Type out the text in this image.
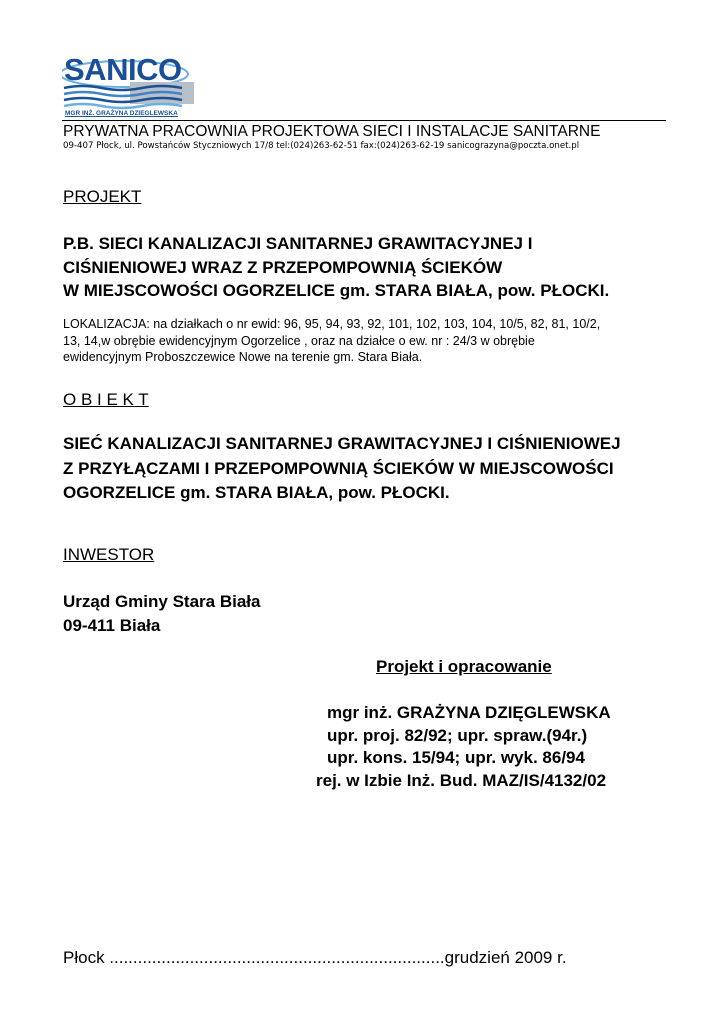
SANICO
MGR INŻ. GRAŻYNA DZIEGLEWSKA
PRYWATNA PRACOWNIA PROJEKTOWA SIECI I INSTALACJE SANITARNE
09-407 Płock, ul. Powstańców Styczniowych 17/8 tel:(024)263-62-51 fax:(024)263-62-19 sanicograzyna@poczta.onet.pl
PROJEKT
P.B. SIECI KANALIZACJI SANITARNEJ GRAWITACYJNEJ I
CIŚNIENIOWEJ WRAZ Z PRZEPOMPOWNIĄ ŚCIEKÓW
W MIEJSCOWOŚCI OGORZELICE gm. STARA BIAŁA, pow. PŁOCKI.
LOKALIZACJA: na działkach o nr ewid: 96, 95, 94, 93, 92, 101, 102, 103, 104, 10/5, 82, 81, 10/2,
13, 14,w obrębie ewidencyjnym Ogorzelice , oraz na działce o ew. nr : 24/3 w obrębie
ewidencyjnym Proboszczewice Nowe na terenie gm. Stara Biała.
O B I E K T
SIEĆ KANALIZACJI SANITARNEJ GRAWITACYJNEJ I CIŚNIENIOWEJ
Z PRZYŁĄCZAMI I PRZEPOMPOWNIĄ ŚCIEKÓW W MIEJSCOWOŚCI
OGORZELICE gm. STARA BIAŁA, pow. PŁOCKI.
INWESTOR
Urząd Gminy Stara Biała
09-411 Biała
Projekt i opracowanie
mgr inż. GRAŻYNA DZIĘGLEWSKA
upr. proj. 82/92; upr. spraw.(94r.)
upr. kons. 15/94; upr. wyk. 86/94
rej. w Izbie Inż. Bud. MAZ/IS/4132/02
Płock .......................................................................grudzień 2009 r.
